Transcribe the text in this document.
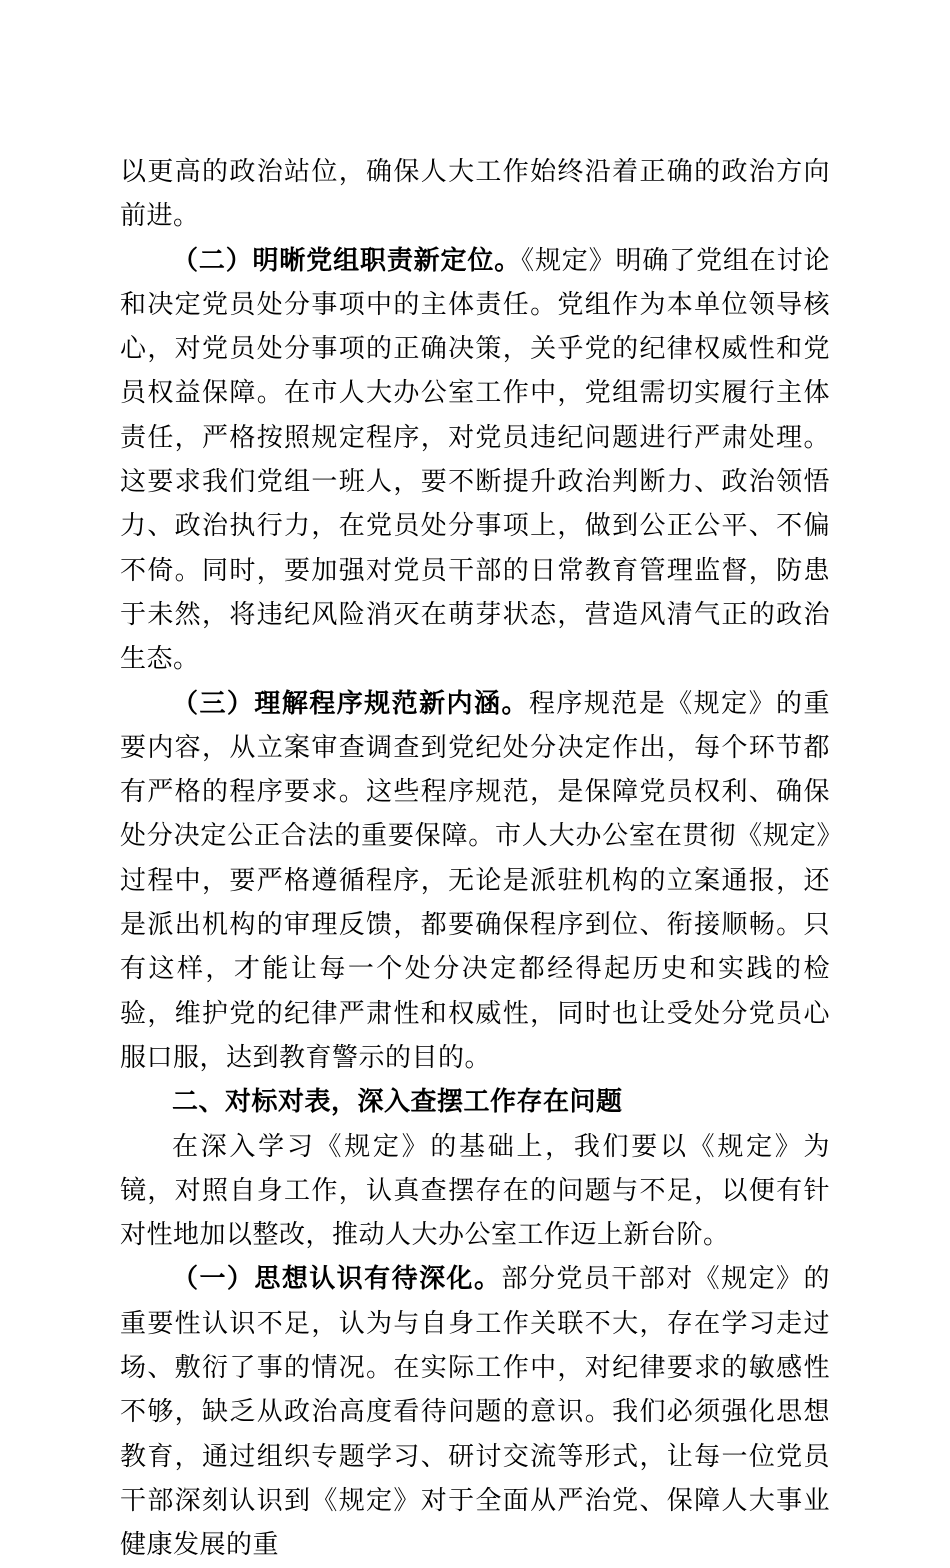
以更高的政治站位，确保人大工作始终沿着正确的政治方向前进。

（二）明晰党组职责新定位。《规定》明确了党组在讨论和决定党员处分事项中的主体责任。党组作为本单位领导核心，对党员处分事项的正确决策，关乎党的纪律权威性和党员权益保障。在市人大办公室工作中，党组需切实履行主体责任，严格按照规定程序，对党员违纪问题进行严肃处理。这要求我们党组一班人，要不断提升政治判断力、政治领悟力、政治执行力，在党员处分事项上，做到公正公平、不偏不倚。同时，要加强对党员干部的日常教育管理监督，防患于未然，将违纪风险消灭在萌芽状态，营造风清气正的政治生态。

（三）理解程序规范新内涵。程序规范是《规定》的重要内容，从立案审查调查到党纪处分决定作出，每个环节都有严格的程序要求。这些程序规范，是保障党员权利、确保处分决定公正合法的重要保障。市人大办公室在贯彻《规定》过程中，要严格遵循程序，无论是派驻机构的立案通报，还是派出机构的审理反馈，都要确保程序到位、衔接顺畅。只有这样，才能让每一个处分决定都经得起历史和实践的检验，维护党的纪律严肃性和权威性，同时也让受处分党员心服口服，达到教育警示的目的。

二、对标对表，深入查摆工作存在问题

在深入学习《规定》的基础上，我们要以《规定》为镜，对照自身工作，认真查摆存在的问题与不足，以便有针对性地加以整改，推动人大办公室工作迈上新台阶。

（一）思想认识有待深化。部分党员干部对《规定》的重要性认识不足，认为与自身工作关联不大，存在学习走过场、敷衍了事的情况。在实际工作中，对纪律要求的敏感性不够，缺乏从政治高度看待问题的意识。我们必须强化思想教育，通过组织专题学习、研讨交流等形式，让每一位党员干部深刻认识到《规定》对于全面从严治党、保障人大事业健康发展的重
